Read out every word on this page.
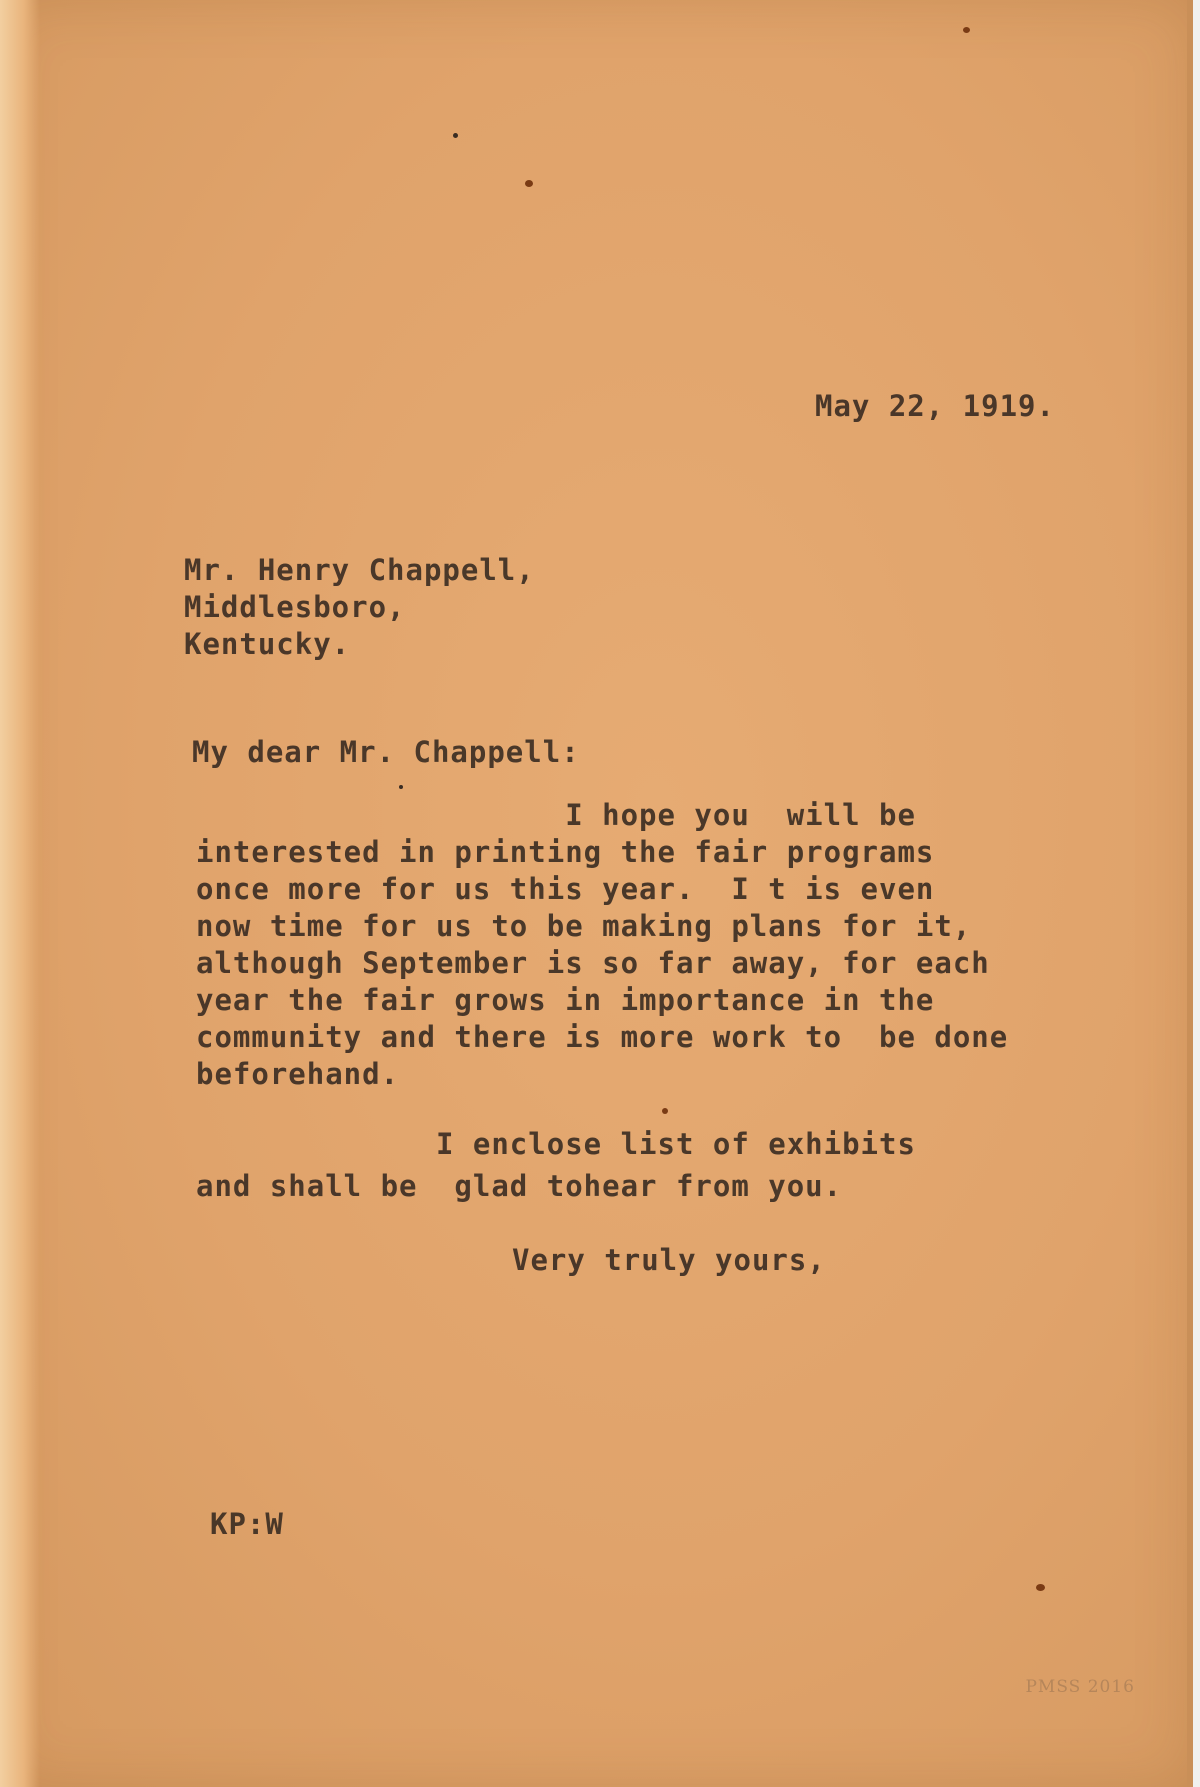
May 22, 1919.
Mr. Henry Chappell,
Middlesboro,
Kentucky.
My dear Mr. Chappell:
I hope you  will be
interested in printing the fair programs
once more for us this year.  I t is even
now time for us to be making plans for it,
although September is so far away, for each
year the fair grows in importance in the
community and there is more work to  be done
beforehand.
I enclose list of exhibits
and shall be  glad tohear from you.
Very truly yours,
KP:W
PMSS 2016
